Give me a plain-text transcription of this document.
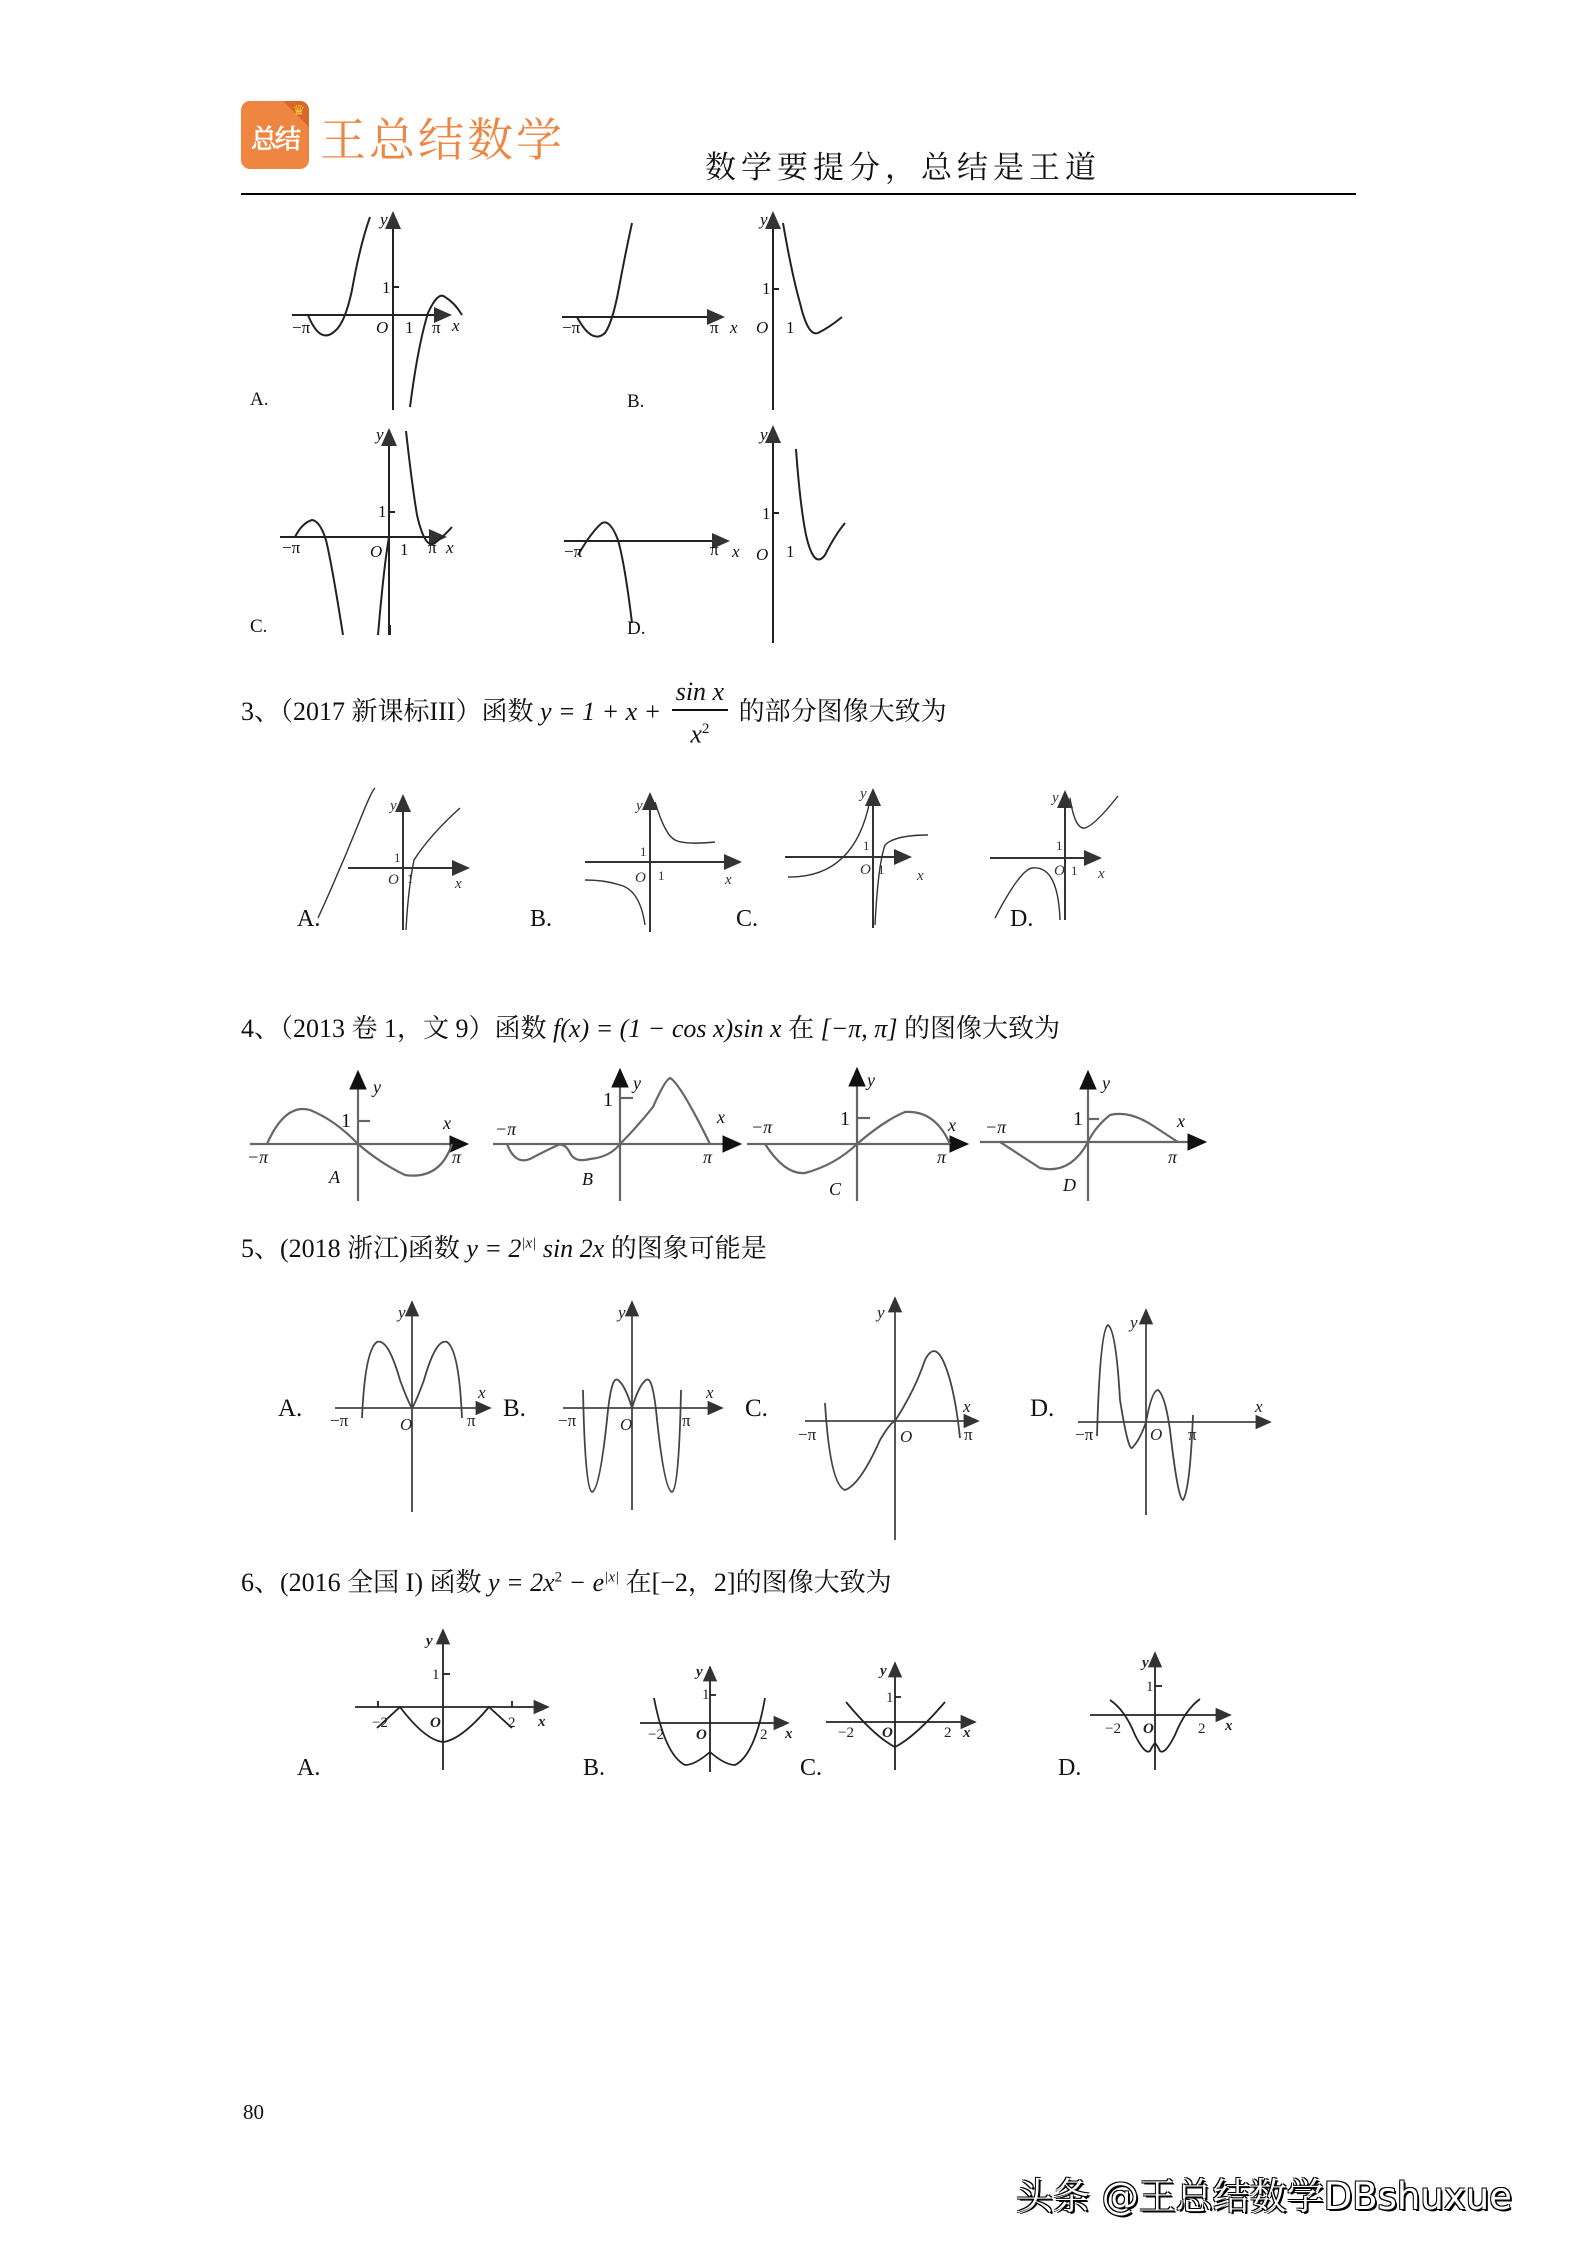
♛
总结 王总结数学
数学要提分，总结是王道
y
x
−π	O 1 π
1
y
x
−π	O 1
π
1
y
x
−π	O 1 π
1
y
x
−π	O 1
π
1
A.	B.
C.	D.
3、（2017 新课标III）函数 $y = 1 + x + \frac{\text{sin x}}{x^2}$ 的部分图像大致为
y
x
O
y
x
O
y
x
O
y
x
O
1
1
1
1
1
1
1
1
A.	B.	C.	D.
4、（2013 卷 1，文 9）函数 f(x) = (1 − cos x)sin x 在 [−π, π] 的图像大致为
y
x
−π	π
A
y
x
−π
π
B
y
x
−π
π
C
y
x
−π
π
D
1
1
1	1
5、(2018 浙江)函数 $y = 2^{|x|}$ sin 2x 的图象可能是
y
x
−π	O	π
y
x
−π	O	π
y
x
−π	O	π
y
x
−π	O π
A.	B.	C.	D.
6、(2016 全国 I) 函数 $y = 2x^2 - e^{|x|}$ 在[−2，2]的图像大致为
y
x
O
y
x
O
y
x
O
y
x
O
−2	2
1
−2	2
1
−2	2
1
−2	2
1
A.	B.	C.	D.
80
头条 @王总结数学DBshuxue
